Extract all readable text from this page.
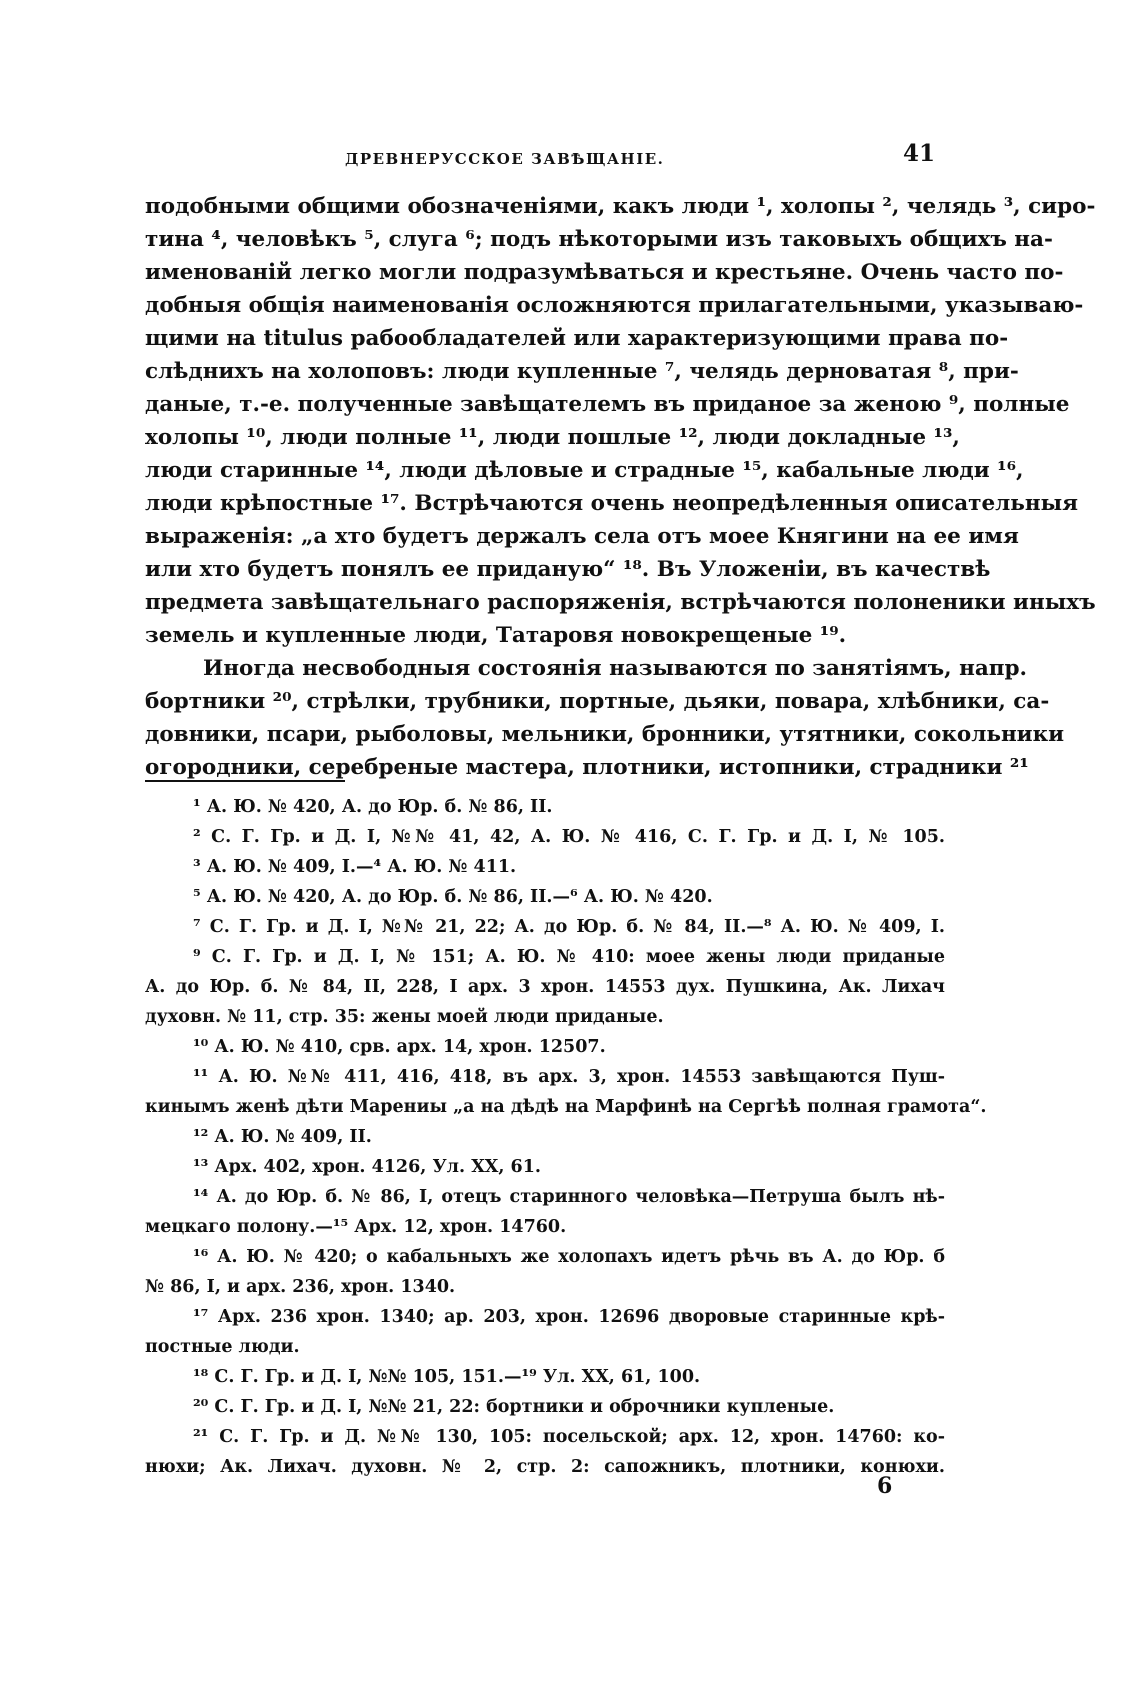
ДРЕВНЕРУССКОЕ ЗАВѢЩАНІЕ.	41
подобными общими обозначеніями, какъ люди ¹, холопы ², челядь ³, сиро-
тина ⁴, человѣкъ ⁵, слуга ⁶; подъ нѣкоторыми изъ таковыхъ общихъ на-
именованій легко могли подразумѣваться и крестьяне. Очень часто по-
добныя общія наименованія осложняются прилагательными, указываю-
щими на titulus рабообладателей или характеризующими права по-
слѣднихъ на холоповъ: люди купленные ⁷, челядь дерноватая ⁸, при-
даные, т.-е. полученные завѣщателемъ въ приданое за женою ⁹, полные
холопы ¹⁰, люди полные ¹¹, люди пошлые ¹², люди докладные ¹³,
люди старинные ¹⁴, люди дѣловые и страдные ¹⁵, кабальные люди ¹⁶,
люди крѣпостные ¹⁷. Встрѣчаются очень неопредѣленныя описательныя
выраженія: „а хто будетъ держалъ села отъ моее Княгини на ее имя
или хто будетъ понялъ ее приданую“ ¹⁸. Въ Уложеніи, въ качествѣ
предмета завѣщательнаго распоряженія, встрѣчаются полоненики иныхъ
земель и купленные люди, Татаровя новокрещеные ¹⁹.
Иногда несвободныя состоянія называются по занятіямъ, напр.
бортники ²⁰, стрѣлки, трубники, портные, дьяки, повара, хлѣбники, са-
довники, псари, рыболовы, мельники, бронники, утятники, сокольники
огородники, серебреные мастера, плотники, истопники, страдники ²¹
¹ А. Ю. № 420, А. до Юр. б. № 86, II.
² С. Г. Гр. и Д. I, №№ 41, 42, А. Ю. № 416, С. Г. Гр. и Д. I, № 105.
³ А. Ю. № 409, I.—⁴ А. Ю. № 411.
⁵ А. Ю. № 420, А. до Юр. б. № 86, II.—⁶ А. Ю. № 420.
⁷ С. Г. Гр. и Д. I, №№ 21, 22; А. до Юр. б. № 84, II.—⁸ А. Ю. № 409, I.
⁹ С. Г. Гр. и Д. I, № 151; А. Ю. № 410: моее жены люди приданые
А. до Юр. б. № 84, II, 228, I арх. 3 хрон. 14553 дух. Пушкина, Ак. Лихач
духовн. № 11, стр. 35: жены моей люди приданые.
¹⁰ А. Ю. № 410, срв. арх. 14, хрон. 12507.
¹¹ А. Ю. №№ 411, 416, 418, въ арх. 3, хрон. 14553 завѣщаются Пуш-
кинымъ женѣ дѣти Марениы „а на дѣдѣ на Марфинѣ на Сергѣѣ полная грамота“.
¹² А. Ю. № 409, II.
¹³ Арх. 402, хрон. 4126, Ул. XX, 61.
¹⁴ А. до Юр. б. № 86, I, отецъ старинного человѣка—Петруша былъ нѣ-
мецкаго полону.—¹⁵ Арх. 12, хрон. 14760.
¹⁶ А. Ю. № 420; о кабальныхъ же холопахъ идетъ рѣчь въ А. до Юр. б
№ 86, I, и арх. 236, хрон. 1340.
¹⁷ Арх. 236 хрон. 1340; ар. 203, хрон. 12696 дворовые старинные крѣ-
постные люди.
¹⁸ С. Г. Гр. и Д. I, №№ 105, 151.—¹⁹ Ул. XX, 61, 100.
²⁰ С. Г. Гр. и Д. I, №№ 21, 22: бортники и оброчники купленые.
²¹ С. Г. Гр. и Д. №№ 130, 105: посельской; арх. 12, хрон. 14760: ко-
нюхи; Ак. Лихач. духовн. № 2, стр. 2: сапожникъ, плотники, конюхи.
6
